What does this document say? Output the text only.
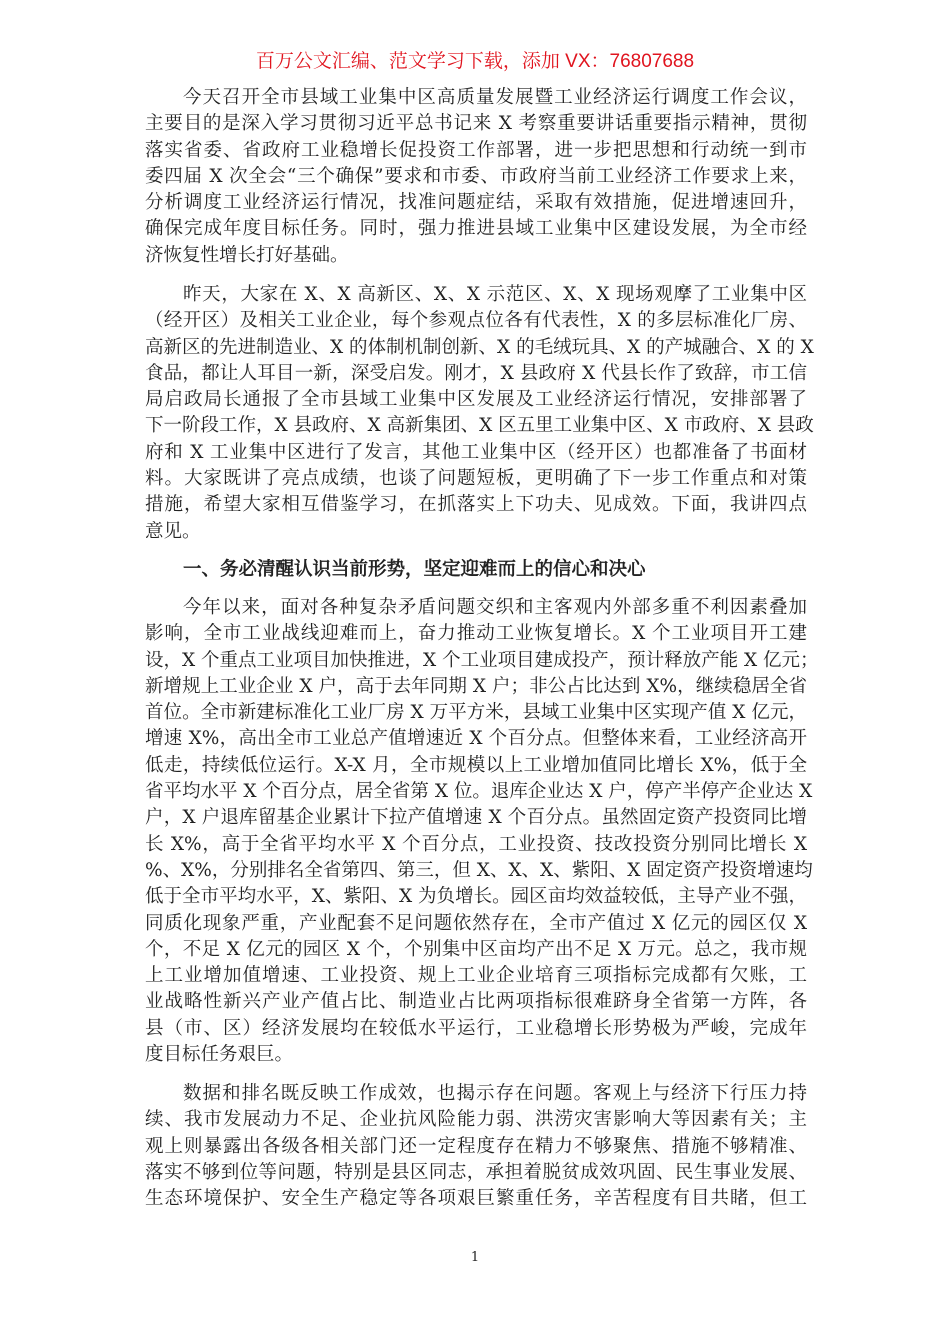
百万公文汇编、范文学习下载，添加 VX：76807688
今天召开全市县域工业集中区高质量发展暨工业经济运行调度工作会议，
主要目的是深入学习贯彻习近平总书记来 X 考察重要讲话重要指示精神，贯彻
落实省委、省政府工业稳增长促投资工作部署，进一步把思想和行动统一到市
委四届 X 次全会“三个确保”要求和市委、市政府当前工业经济工作要求上来，
分析调度工业经济运行情况，找准问题症结，采取有效措施，促进增速回升，
确保完成年度目标任务。同时，强力推进县域工业集中区建设发展，为全市经
济恢复性增长打好基础。
昨天，大家在 X、X 高新区、X、X 示范区、X、X 现场观摩了工业集中区
（经开区）及相关工业企业，每个参观点位各有代表性，X 的多层标准化厂房、
高新区的先进制造业、X 的体制机制创新、X 的毛绒玩具、X 的产城融合、X 的 X
食品，都让人耳目一新，深受启发。刚才，X 县政府 X 代县长作了致辞，市工信
局启政局长通报了全市县域工业集中区发展及工业经济运行情况，安排部署了
下一阶段工作，X 县政府、X 高新集团、X 区五里工业集中区、X 市政府、X 县政
府和 X 工业集中区进行了发言，其他工业集中区（经开区）也都准备了书面材
料。大家既讲了亮点成绩，也谈了问题短板，更明确了下一步工作重点和对策
措施，希望大家相互借鉴学习，在抓落实上下功夫、见成效。下面，我讲四点
意见。
一、务必清醒认识当前形势，坚定迎难而上的信心和决心
今年以来，面对各种复杂矛盾问题交织和主客观内外部多重不利因素叠加
影响，全市工业战线迎难而上，奋力推动工业恢复增长。X 个工业项目开工建
设，X 个重点工业项目加快推进，X 个工业项目建成投产，预计释放产能 X 亿元；
新增规上工业企业 X 户，高于去年同期 X 户；非公占比达到 X%，继续稳居全省
首位。全市新建标准化工业厂房 X 万平方米，县域工业集中区实现产值 X 亿元，
增速 X%，高出全市工业总产值增速近 X 个百分点。但整体来看，工业经济高开
低走，持续低位运行。X-X 月，全市规模以上工业增加值同比增长 X%，低于全
省平均水平 X 个百分点，居全省第 X 位。退库企业达 X 户，停产半停产企业达 X
户，X 户退库留基企业累计下拉产值增速 X 个百分点。虽然固定资产投资同比增
长 X%，高于全省平均水平 X 个百分点，工业投资、技改投资分别同比增长 X
%、X%，分别排名全省第四、第三，但 X、X、X、紫阳、X 固定资产投资增速均
低于全市平均水平，X、紫阳、X 为负增长。园区亩均效益较低，主导产业不强，
同质化现象严重，产业配套不足问题依然存在，全市产值过 X 亿元的园区仅 X
个，不足 X 亿元的园区 X 个，个别集中区亩均产出不足 X 万元。总之，我市规
上工业增加值增速、工业投资、规上工业企业培育三项指标完成都有欠账，工
业战略性新兴产业产值占比、制造业占比两项指标很难跻身全省第一方阵，各
县（市、区）经济发展均在较低水平运行，工业稳增长形势极为严峻，完成年
度目标任务艰巨。
数据和排名既反映工作成效，也揭示存在问题。客观上与经济下行压力持
续、我市发展动力不足、企业抗风险能力弱、洪涝灾害影响大等因素有关；主
观上则暴露出各级各相关部门还一定程度存在精力不够聚焦、措施不够精准、
落实不够到位等问题，特别是县区同志，承担着脱贫成效巩固、民生事业发展、
生态环境保护、安全生产稳定等各项艰巨繁重任务，辛苦程度有目共睹，但工
1
